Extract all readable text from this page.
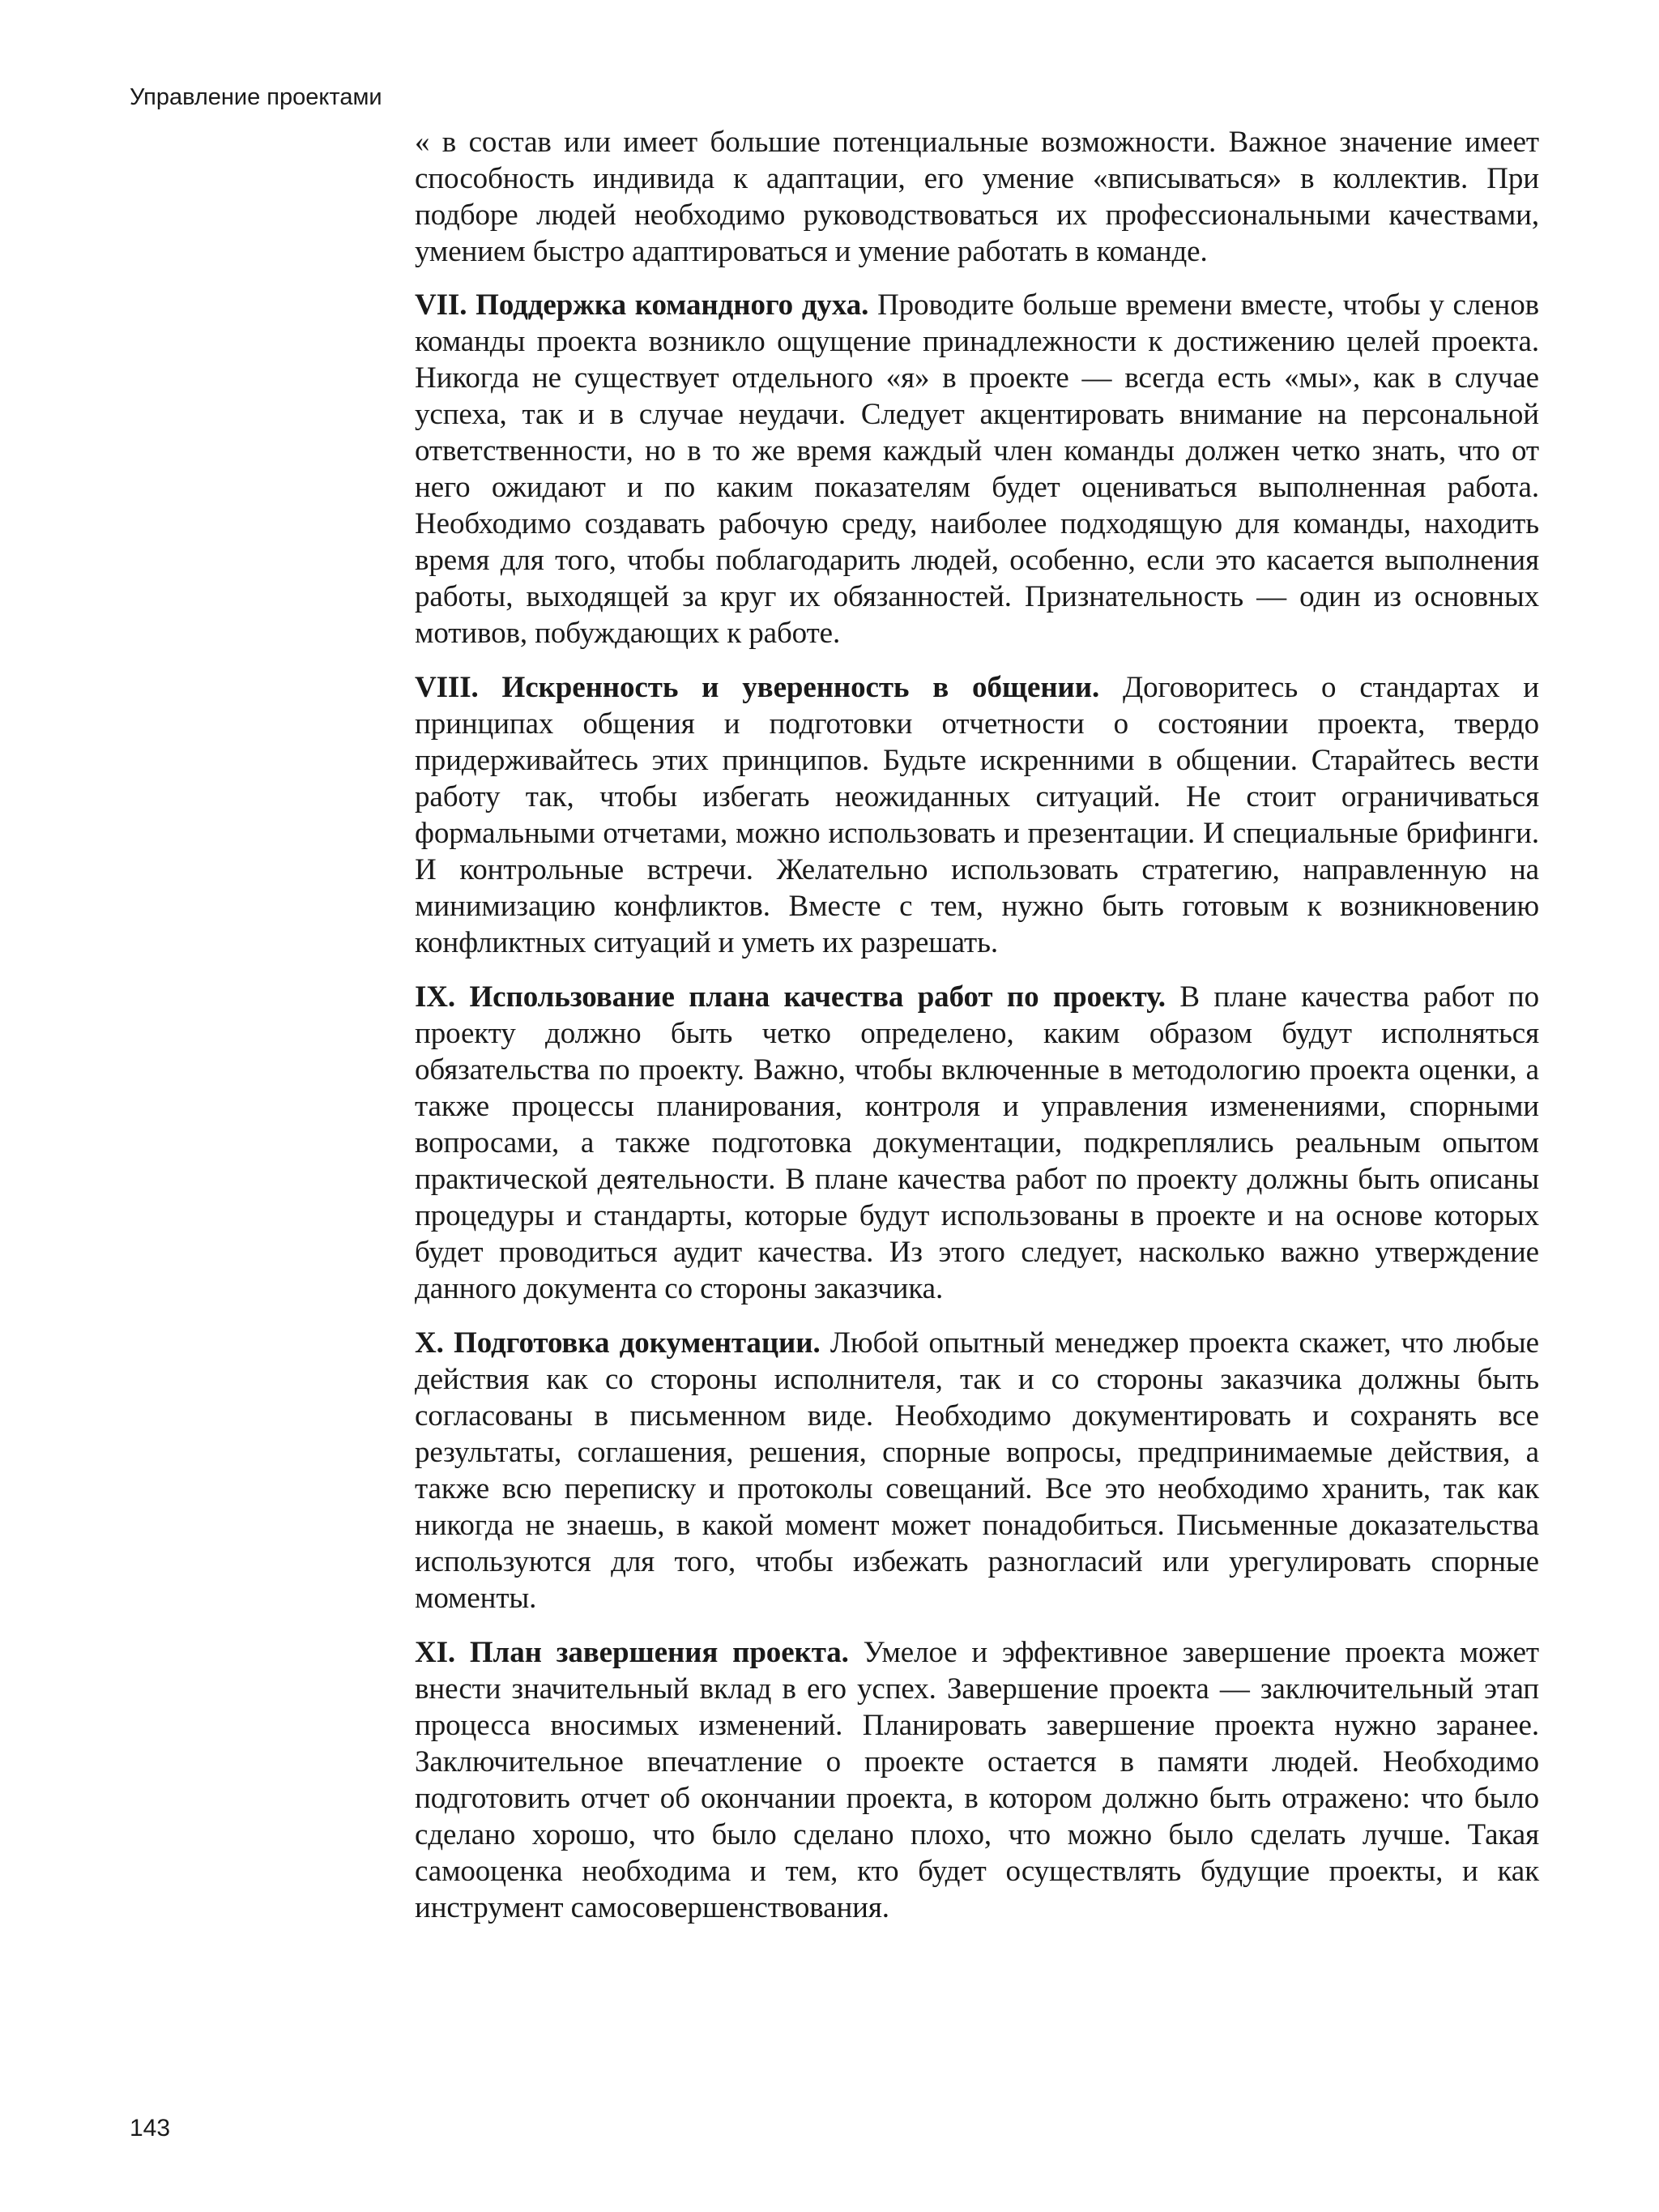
Управление проектами

« в состав или имеет большие потенциальные возможности. Важное значение имеет способность индивида к адаптации, его умение «вписываться» в коллектив. При подборе людей необходимо руководствоваться их профессиональными качествами, умением быстро адаптироваться и умение работать в команде.

VII. Поддержка командного духа. Проводите больше времени вместе, чтобы у сленов команды проекта возникло ощущение принадлежности к достижению целей проекта. Никогда не существует отдельного «я» в проекте — всегда есть «мы», как в случае успеха, так и в случае неудачи. Следует акцентировать внимание на персональной ответственности, но в то же время каждый член команды должен четко знать, что от него ожидают и по каким показателям будет оцениваться выполненная работа. Необходимо создавать рабочую среду, наиболее подходящую для команды, находить время для того, чтобы поблагодарить людей, особенно, если это касается выполнения работы, выходящей за круг их обязанностей. Признательность — один из основных мотивов, побуждающих к работе.

VIII. Искренность и уверенность в общении. Договоритесь о стандартах и принципах общения и подготовки отчетности о состоянии проекта, твердо придерживайтесь этих принципов. Будьте искренними в общении. Старайтесь вести работу так, чтобы избегать неожиданных ситуаций. Не стоит ограничиваться формальными отчетами, можно использовать и презентации. И специальные брифинги. И контрольные встречи. Желательно использовать стратегию, направленную на минимизацию конфликтов. Вместе с тем, нужно быть готовым к возникновению конфликтных ситуаций и уметь их разрешать.

IX. Использование плана качества работ по проекту. В плане качества работ по проекту должно быть четко определено, каким образом будут исполняться обязательства по проекту. Важно, чтобы включенные в методологию проекта оценки, а также процессы планирования, контроля и управления изменениями, спорными вопросами, а также подготовка документации, подкреплялись реальным опытом практической деятельности. В плане качества работ по проекту должны быть описаны процедуры и стандарты, которые будут использованы в проекте и на основе которых будет проводиться аудит качества. Из этого следует, насколько важно утверждение данного документа со стороны заказчика.

X. Подготовка документации. Любой опытный менеджер проекта скажет, что любые действия как со стороны исполнителя, так и со стороны заказчика должны быть согласованы в письменном виде. Необходимо документировать и сохранять все результаты, соглашения, решения, спорные вопросы, предпринимаемые действия, а также всю переписку и протоколы совещаний. Все это необходимо хранить, так как никогда не знаешь, в какой момент может понадобиться. Письменные доказательства используются для того, чтобы избежать разногласий или урегулировать спорные моменты.

XI. План завершения проекта. Умелое и эффективное завершение проекта может внести значительный вклад в его успех. Завершение проекта — заключительный этап процесса вносимых изменений. Планировать завершение проекта нужно заранее. Заключительное впечатление о проекте остается в памяти людей. Необходимо подготовить отчет об окончании проекта, в котором должно быть отражено: что было сделано хорошо, что было сделано плохо, что можно было сделать лучше. Такая самооценка необходима и тем, кто будет осуществлять будущие проекты, и как инструмент самосовершенствования.

143
